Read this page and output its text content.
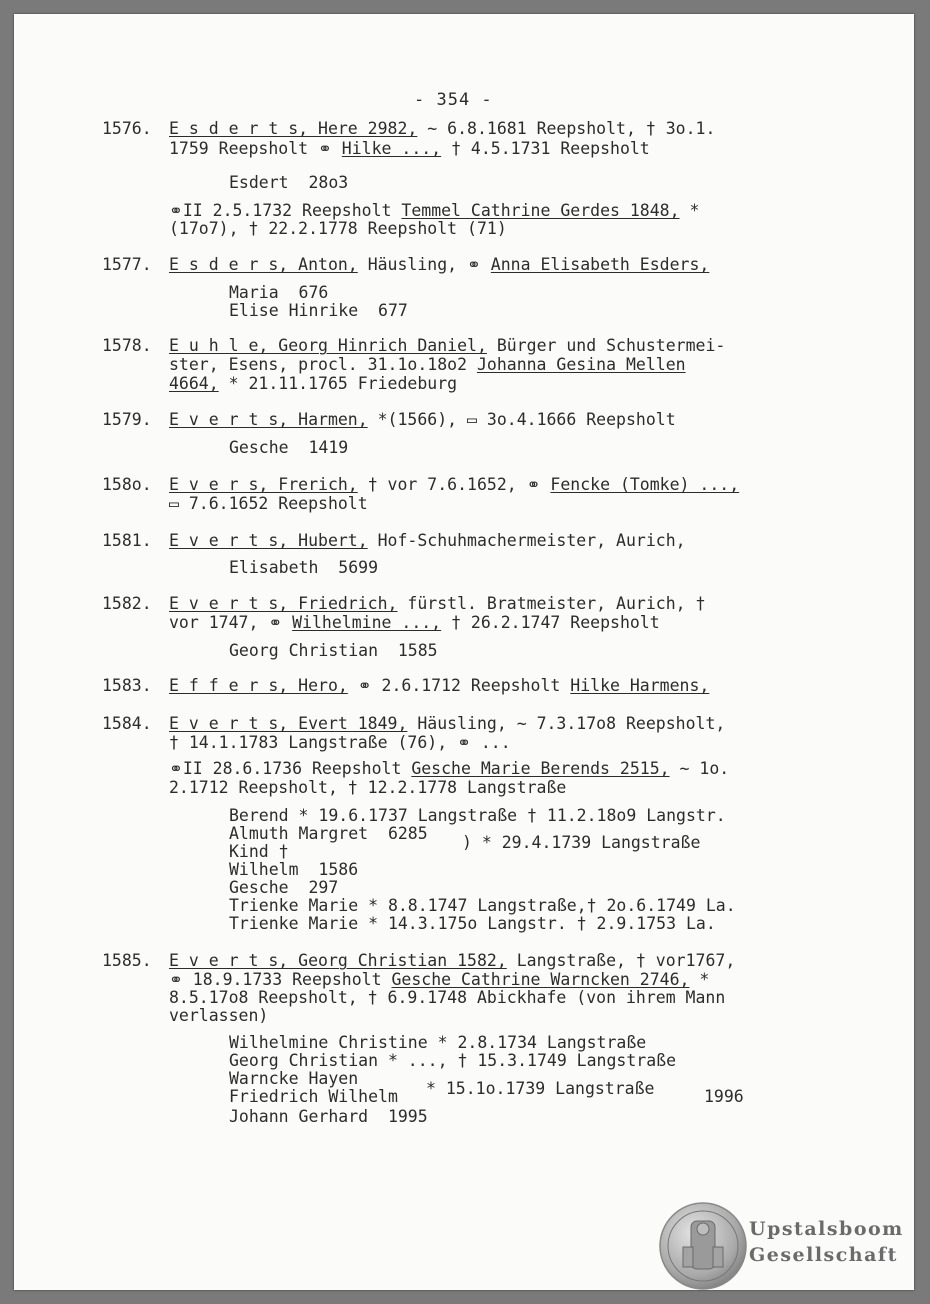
- 354 -
1576. E s d e r t s, Here 2982, ~ 6.8.1681 Reepsholt, † 3o.1.
1759 Reepsholt ⚭ Hilke ..., † 4.5.1731 Reepsholt
Esdert  28o3
⚭II 2.5.1732 Reepsholt Temmel Cathrine Gerdes 1848, *
(17o7), † 22.2.1778 Reepsholt (71)
1577. E s d e r s, Anton, Häusling, ⚭ Anna Elisabeth Esders,
Maria  676
Elise Hinrike  677
1578. E u h l e, Georg Hinrich Daniel, Bürger und Schustermei-
ster, Esens, procl. 31.1o.18o2 Johanna Gesina Mellen
4664, * 21.11.1765 Friedeburg
1579. E v e r t s, Harmen, *(1566), ▭ 3o.4.1666 Reepsholt
Gesche  1419
158o. E v e r s, Frerich, † vor 7.6.1652, ⚭ Fencke (Tomke) ...,
▭ 7.6.1652 Reepsholt
1581. E v e r t s, Hubert, Hof-Schuhmachermeister, Aurich,
Elisabeth  5699
1582. E v e r t s, Friedrich, fürstl. Bratmeister, Aurich, †
vor 1747, ⚭ Wilhelmine ..., † 26.2.1747 Reepsholt
Georg Christian  1585
1583. E f f e r s, Hero, ⚭ 2.6.1712 Reepsholt Hilke Harmens,
1584. E v e r t s, Evert 1849, Häusling, ~ 7.3.17o8 Reepsholt,
† 14.1.1783 Langstraße (76), ⚭ ...
⚭II 28.6.1736 Reepsholt Gesche Marie Berends 2515, ~ 1o.
2.1712 Reepsholt, † 12.2.1778 Langstraße
Berend * 19.6.1737 Langstraße † 11.2.18o9 Langstr.
Almuth Margret  6285 ) * 29.4.1739 Langstraße
Kind †
Wilhelm  1586
Gesche  297
Trienke Marie * 8.8.1747 Langstraße,† 2o.6.1749 La.
Trienke Marie * 14.3.175o Langstr. † 2.9.1753 La.
1585. E v e r t s, Georg Christian 1582, Langstraße, † vor1767,
⚭ 18.9.1733 Reepsholt Gesche Cathrine Warncken 2746, *
8.5.17o8 Reepsholt, † 6.9.1748 Abickhafe (von ihrem Mann
verlassen)
Wilhelmine Christine * 2.8.1734 Langstraße
Georg Christian * ..., † 15.3.1749 Langstraße
Warncke Hayen
* 15.1o.1739 Langstraße	1996
Friedrich Wilhelm
Johann Gerhard  1995
Upstalsboom
Gesellschaft
